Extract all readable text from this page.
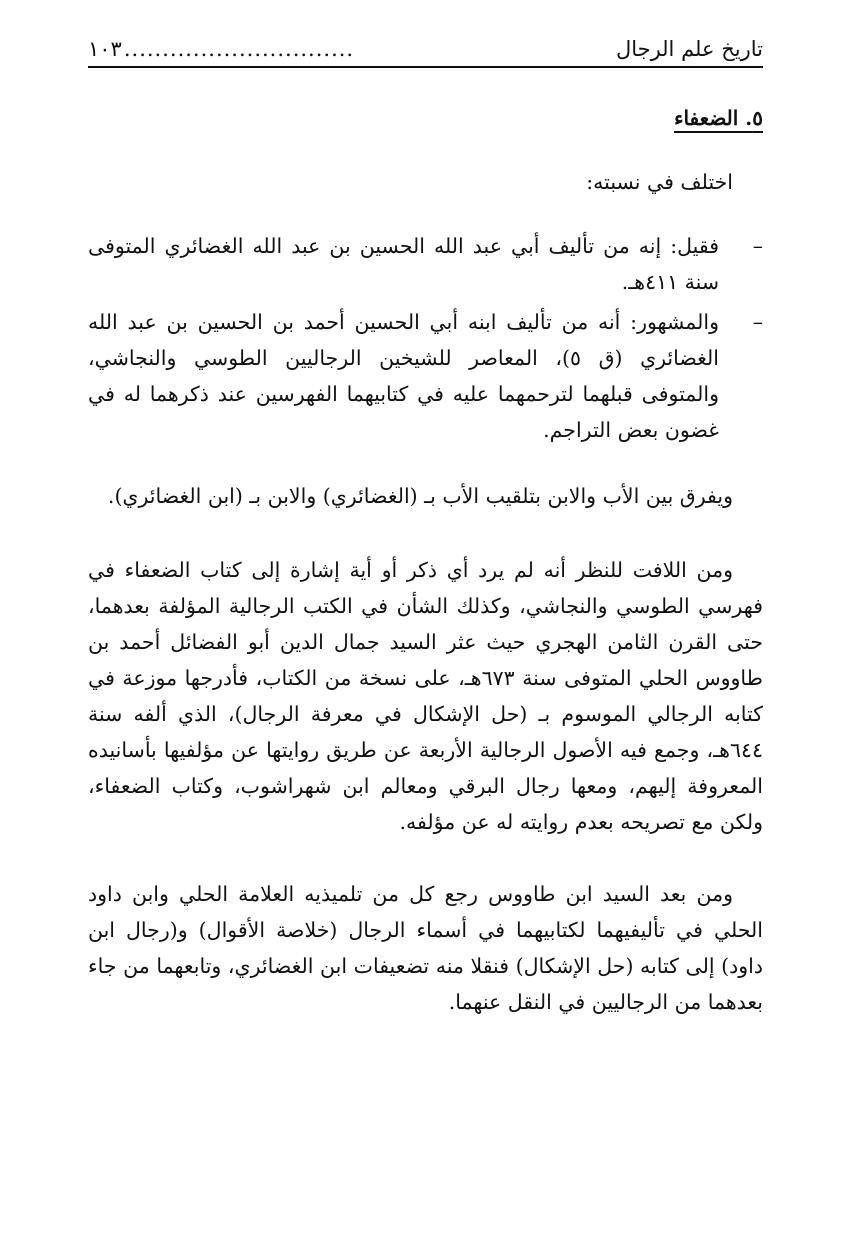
تاريخ علم الرجال
..............................
١٠٣
٥. الضعفاء

اختلف في نسبته:

–
فقيل: إنه من تأليف أبي عبد الله الحسين بن عبد الله الغضائري المتوفى سنة ٤١١هـ.
–
والمشهور: أنه من تأليف ابنه أبي الحسين أحمد بن الحسين بن عبد الله الغضائري (ق ٥)، المعاصر للشيخين الرجاليين الطوسي والنجاشي، والمتوفى قبلهما لترحمهما عليه في كتابيهما الفهرسين عند ذكرهما له في غضون بعض التراجم.

ويفرق بين الأب والابن بتلقيب الأب بـ (الغضائري) والابن بـ (ابن الغضائري).

ومن اللافت للنظر أنه لم يرد أي ذكر أو أية إشارة إلى كتاب الضعفاء في فهرسي الطوسي والنجاشي، وكذلك الشأن في الكتب الرجالية المؤلفة بعدهما، حتى القرن الثامن الهجري حيث عثر السيد جمال الدين أبو الفضائل أحمد بن طاووس الحلي المتوفى سنة ٦٧٣هـ، على نسخة من الكتاب، فأدرجها موزعة في كتابه الرجالي الموسوم بـ (حل الإشكال في معرفة الرجال)، الذي ألفه سنة ٦٤٤هـ، وجمع فيه الأصول الرجالية الأربعة عن طريق روايتها عن مؤلفيها بأسانيده المعروفة إليهم، ومعها رجال البرقي ومعالم ابن شهراشوب، وكتاب الضعفاء، ولكن مع تصريحه بعدم روايته له عن مؤلفه.

ومن بعد السيد ابن طاووس رجع كل من تلميذيه العلامة الحلي وابن داود الحلي في تأليفيهما لكتابيهما في أسماء الرجال (خلاصة الأقوال) و(رجال ابن داود) إلى كتابه (حل الإشكال) فنقلا منه تضعيفات ابن الغضائري، وتابعهما من جاء بعدهما من الرجاليين في النقل عنهما.
